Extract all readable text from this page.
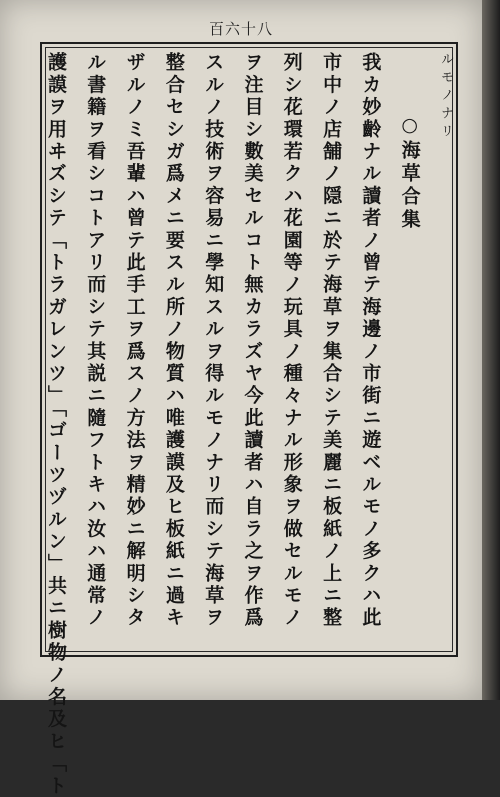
百六十八
ルモノナリ
○海草合集
我カ妙齡ナル讀者ノ曾テ海邊ノ市街ニ遊ベルモノ多クハ此
市中ノ店舗ノ隠ニ於テ海草ヲ集合シテ美麗ニ板紙ノ上ニ整
列シ花環若クハ花園等ノ玩具ノ種々ナル形象ヲ做セルモノ
ヲ注目シ數美セルコト無カラズヤ今此讀者ハ自ラ之ヲ作爲
スルノ技術ヲ容易ニ學知スルヲ得ルモノナリ而シテ海草ヲ
整合セシガ爲メニ要スル所ノ物質ハ唯護謨及ヒ板紙ニ過キ
ザルノミ吾輩ハ曾テ此手工ヲ爲スノ方法ヲ精妙ニ解明シタ
ル書籍ヲ看シコトアリ而シテ其説ニ隨フトキハ汝ハ通常ノ
護謨ヲ用ヰズシテ「トラガレンツ」「ゴーツヅルン」共ニ樹物ノ名及ヒ「ト
